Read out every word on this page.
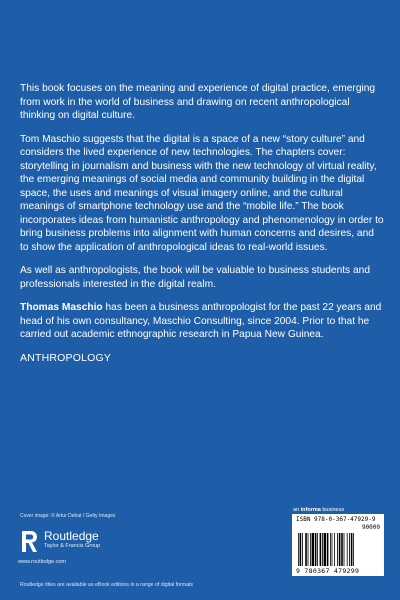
This book focuses on the meaning and experience of digital practice, emerging from work in the world of business and drawing on recent anthropological thinking on digital culture.

Tom Maschio suggests that the digital is a space of a new “story culture” and considers the lived experience of new technologies. The chapters cover: storytelling in journalism and business with the new technology of virtual reality, the emerging meanings of social media and community building in the digital space, the uses and meanings of visual imagery online, and the cultural meanings of smartphone technology use and the “mobile life.” The book incorporates ideas from humanistic anthropology and phenomenology in order to bring business problems into alignment with human concerns and desires, and to show the application of anthropological ideas to real-world issues.

As well as anthropologists, the book will be valuable to business students and professionals interested in the digital realm.

Thomas Maschio has been a business anthropologist for the past 22 years and head of his own consultancy, Maschio Consulting, since 2004. Prior to that he carried out academic ethnographic research in Papua New Guinea.

ANTHROPOLOGY

Cover image: © Artur Debat / Getty Images
Routledge
Taylor & Francis Group
www.routledge.com
Routledge titles are available as eBook editions in a range of digital formats
an informa business
ISBN 978-0-367-47929-9
90000
9 780367 479299
